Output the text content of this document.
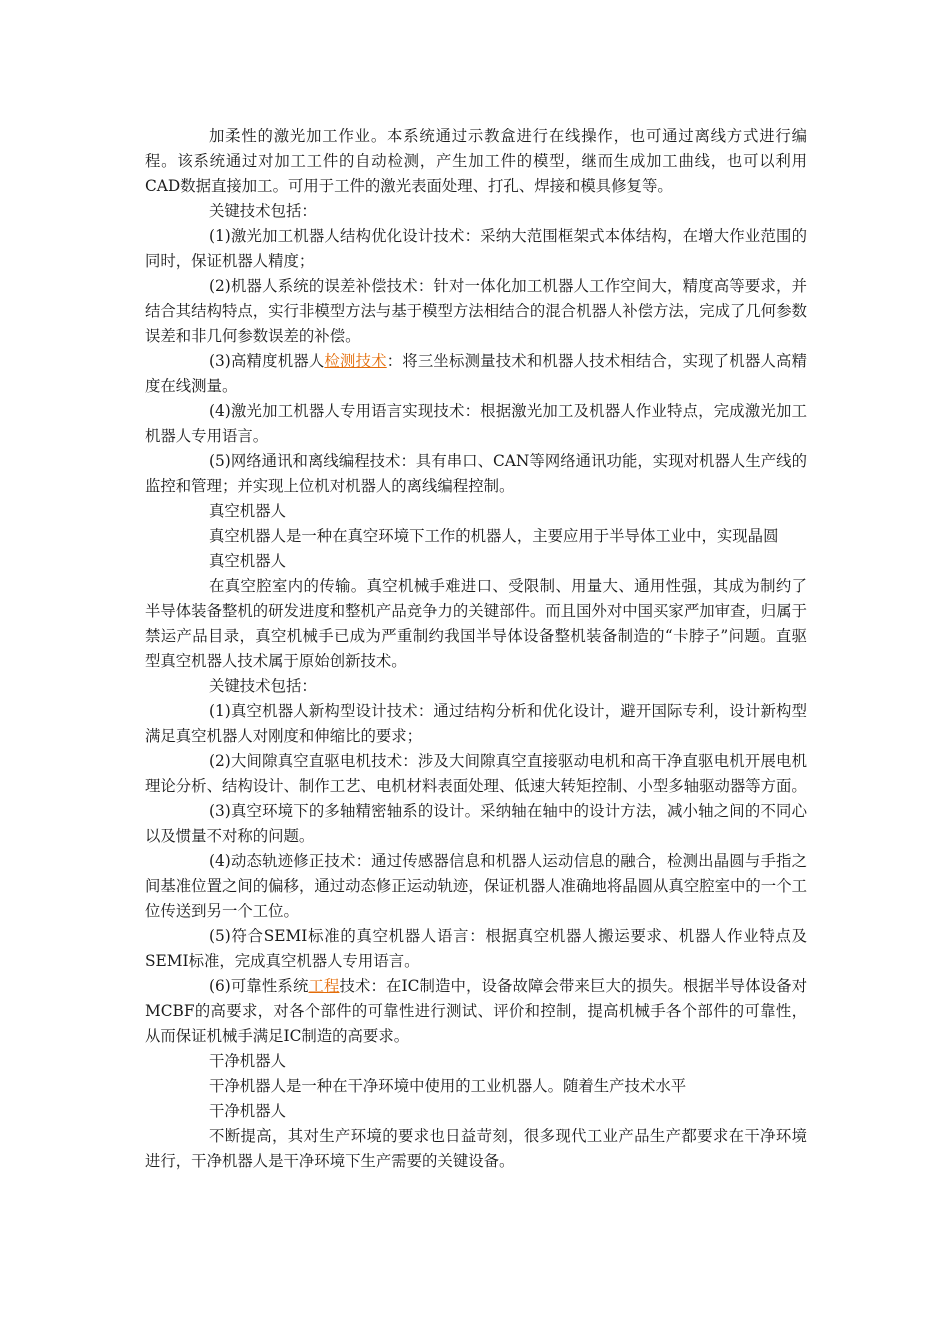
加柔性的激光加工作业。本系统通过示教盒进行在线操作，也可通过离线方式进行编程。该系统通过对加工工件的自动检测，产生加工件的模型，继而生成加工曲线，也可以利用CAD数据直接加工。可用于工件的激光表面处理、打孔、焊接和模具修复等。

关键技术包括：

(1)激光加工机器人结构优化设计技术：采纳大范围框架式本体结构，在增大作业范围的同时，保证机器人精度；

(2)机器人系统的误差补偿技术：针对一体化加工机器人工作空间大，精度高等要求，并结合其结构特点，实行非模型方法与基于模型方法相结合的混合机器人补偿方法，完成了几何参数误差和非几何参数误差的补偿。

(3)高精度机器人检测技术：将三坐标测量技术和机器人技术相结合，实现了机器人高精度在线测量。

(4)激光加工机器人专用语言实现技术：根据激光加工及机器人作业特点，完成激光加工机器人专用语言。

(5)网络通讯和离线编程技术：具有串口、CAN等网络通讯功能，实现对机器人生产线的监控和管理；并实现上位机对机器人的离线编程控制。

真空机器人

真空机器人是一种在真空环境下工作的机器人，主要应用于半导体工业中，实现晶圆

真空机器人

在真空腔室内的传输。真空机械手难进口、受限制、用量大、通用性强，其成为制约了半导体装备整机的研发进度和整机产品竞争力的关键部件。而且国外对中国买家严加审查，归属于禁运产品目录，真空机械手已成为严重制约我国半导体设备整机装备制造的“卡脖子”问题。直驱型真空机器人技术属于原始创新技术。

关键技术包括：

(1)真空机器人新构型设计技术：通过结构分析和优化设计，避开国际专利，设计新构型满足真空机器人对刚度和伸缩比的要求；

(2)大间隙真空直驱电机技术：涉及大间隙真空直接驱动电机和高干净直驱电机开展电机理论分析、结构设计、制作工艺、电机材料表面处理、低速大转矩控制、小型多轴驱动器等方面。

(3)真空环境下的多轴精密轴系的设计。采纳轴在轴中的设计方法，减小轴之间的不同心以及惯量不对称的问题。

(4)动态轨迹修正技术：通过传感器信息和机器人运动信息的融合，检测出晶圆与手指之间基准位置之间的偏移，通过动态修正运动轨迹，保证机器人准确地将晶圆从真空腔室中的一个工位传送到另一个工位。

(5)符合SEMI标准的真空机器人语言：根据真空机器人搬运要求、机器人作业特点及SEMI标准，完成真空机器人专用语言。

(6)可靠性系统工程技术：在IC制造中，设备故障会带来巨大的损失。根据半导体设备对MCBF的高要求，对各个部件的可靠性进行测试、评价和控制，提高机械手各个部件的可靠性，从而保证机械手满足IC制造的高要求。

干净机器人

干净机器人是一种在干净环境中使用的工业机器人。随着生产技术水平

干净机器人

不断提高，其对生产环境的要求也日益苛刻，很多现代工业产品生产都要求在干净环境进行，干净机器人是干净环境下生产需要的关键设备。
